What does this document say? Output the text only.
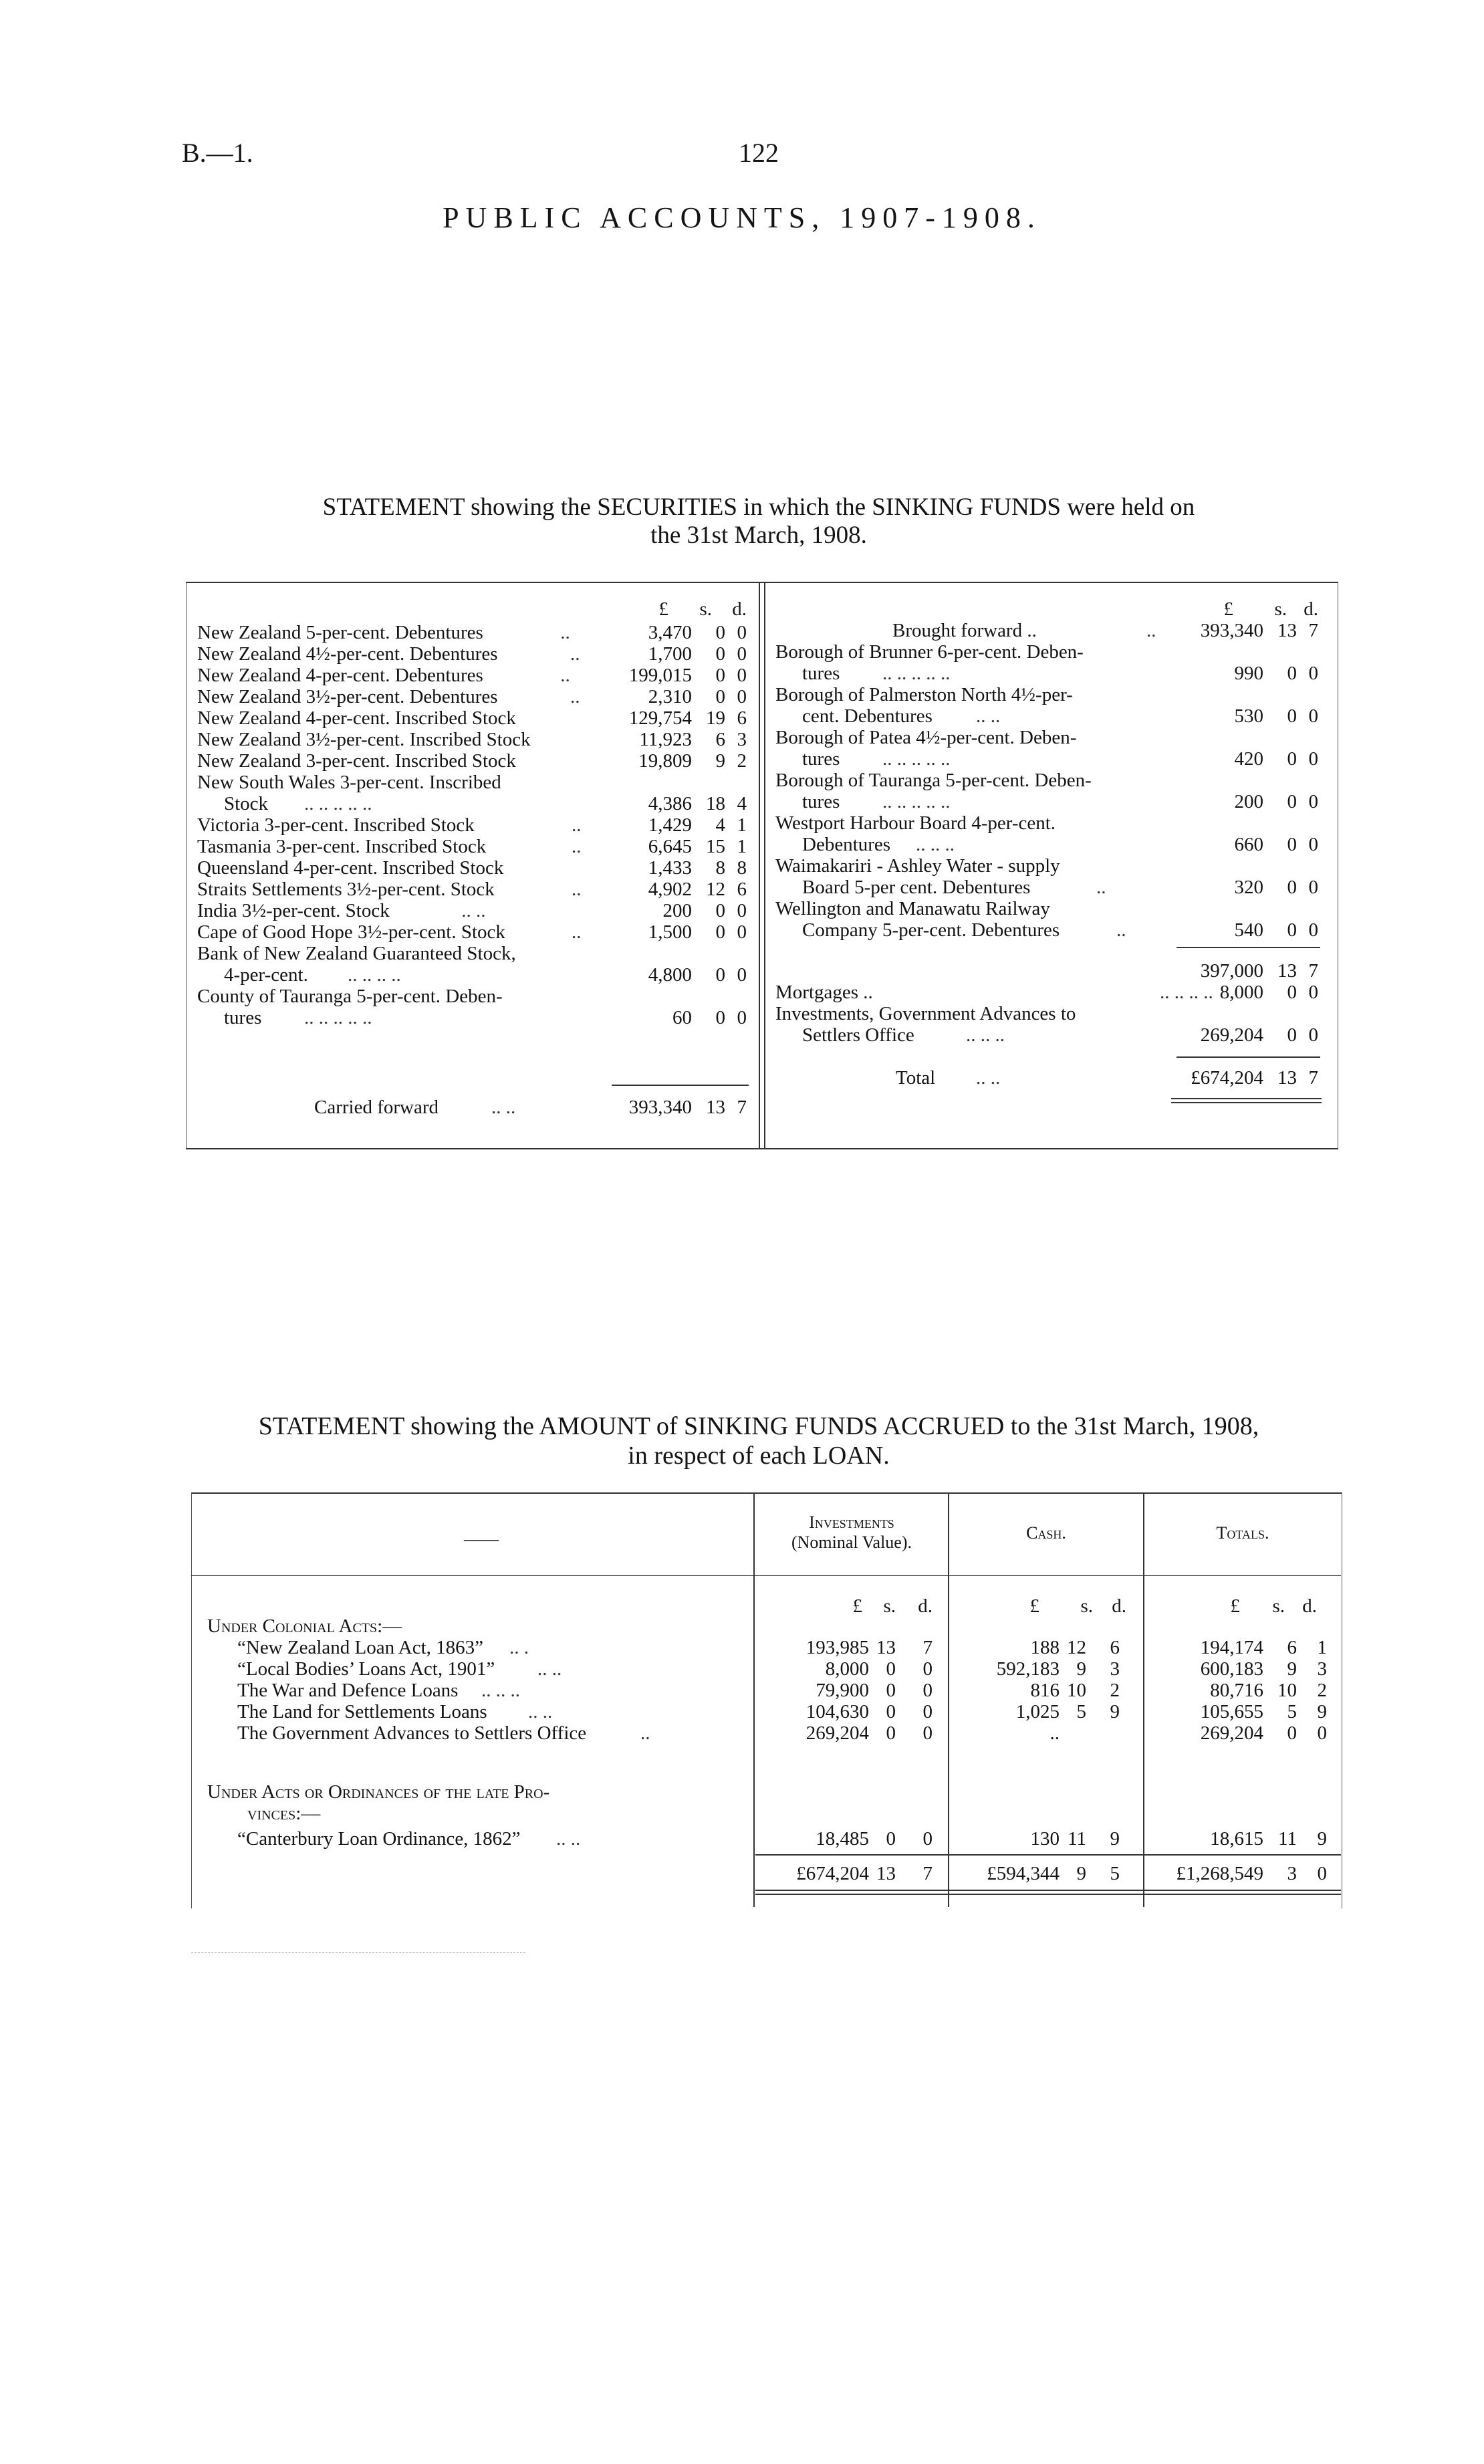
B.—1.	122
PUBLIC ACCOUNTS, 1907-1908.
STATEMENT showing the SECURITIES in which the SINKING FUNDS were held on
the 31st March, 1908.
£ s. d.
New Zealand 5-per-cent. Debentures	..	3,470 0 0
New Zealand 4½-per-cent. Debentures	..	1,700 0 0
New Zealand 4-per-cent. Debentures	..	199,015 0 0
New Zealand 3½-per-cent. Debentures	..	2,310 0 0
New Zealand 4-per-cent. Inscribed Stock	129,754 19 6
New Zealand 3½-per-cent. Inscribed Stock	11,923 6 3
New Zealand 3-per-cent. Inscribed Stock	19,809 9 2
New South Wales 3-per-cent. Inscribed
Stock .. .. .. .. ..	4,386 18 4
Victoria 3-per-cent. Inscribed Stock	..	1,429 4 1
Tasmania 3-per-cent. Inscribed Stock	..	6,645 15 1
Queensland 4-per-cent. Inscribed Stock	1,433 8 8
Straits Settlements 3½-per-cent. Stock	..	4,902 12 6
India 3½-per-cent. Stock	.. ..	200 0 0
Cape of Good Hope 3½-per-cent. Stock	..	1,500 0 0
Bank of New Zealand Guaranteed Stock,
4-per-cent. .. .. .. ..	4,800 0 0
County of Tauranga 5-per-cent. Deben-
tures .. .. .. .. ..	60 0 0
Carried forward	.. ..	393,340 13 7
£ s. d.
Brought forward ..	.. 393,340 13 7
Borough of Brunner 6-per-cent. Deben-
tures .. .. .. .. ..	990 0 0
Borough of Palmerston North 4½-per-
cent. Debentures .. ..	530 0 0
Borough of Patea 4½-per-cent. Deben-
tures .. .. .. .. ..	420 0 0
Borough of Tauranga 5-per-cent. Deben-
tures .. .. .. .. ..	200 0 0
Westport Harbour Board 4-per-cent.
Debentures .. .. ..	660 0 0
Waimakariri - Ashley Water - supply
Board 5-per cent. Debentures	..	320 0 0
Wellington and Manawatu Railway
Company 5-per-cent. Debentures	..	540 0 0
397,000 13 7
Mortgages ..	.. .. .. .. 8,000 0 0
Investments, Government Advances to
Settlers Office	.. .. ..	269,204 0 0
Total .. ..	£674,204 13 7
STATEMENT showing the AMOUNT of SINKING FUNDS ACCRUED to the 31st March, 1908,
in respect of each LOAN.
——
Investments
(Nominal Value).	Cash.	Totals.
£	s.	d.	£	s. d.	£	s. d.
Under Colonial Acts:—
“New Zealand Loan Act, 1863” .. .	193,985 13	7	188 12	6	194,174	6	1
“Local Bodies’ Loans Act, 1901” .. ..	8,000 0	0	592,183 9	3	600,183	9	3
The War and Defence Loans .. .. ..	79,900 0	0	816 10	2	80,716 10	2
The Land for Settlements Loans .. ..	104,630 0	0	1,025 5	9	105,655	5	9
The Government Advances to Settlers Office	..	269,204 0	0	..	269,204	0	0
Under Acts or Ordinances of the late Pro-
vinces:—
“Canterbury Loan Ordinance, 1862” .. ..	18,485 0	0	130 11	9	18,615 11	9
£674,204 13	7	£594,344 9	5	£1,268,549	3	0
